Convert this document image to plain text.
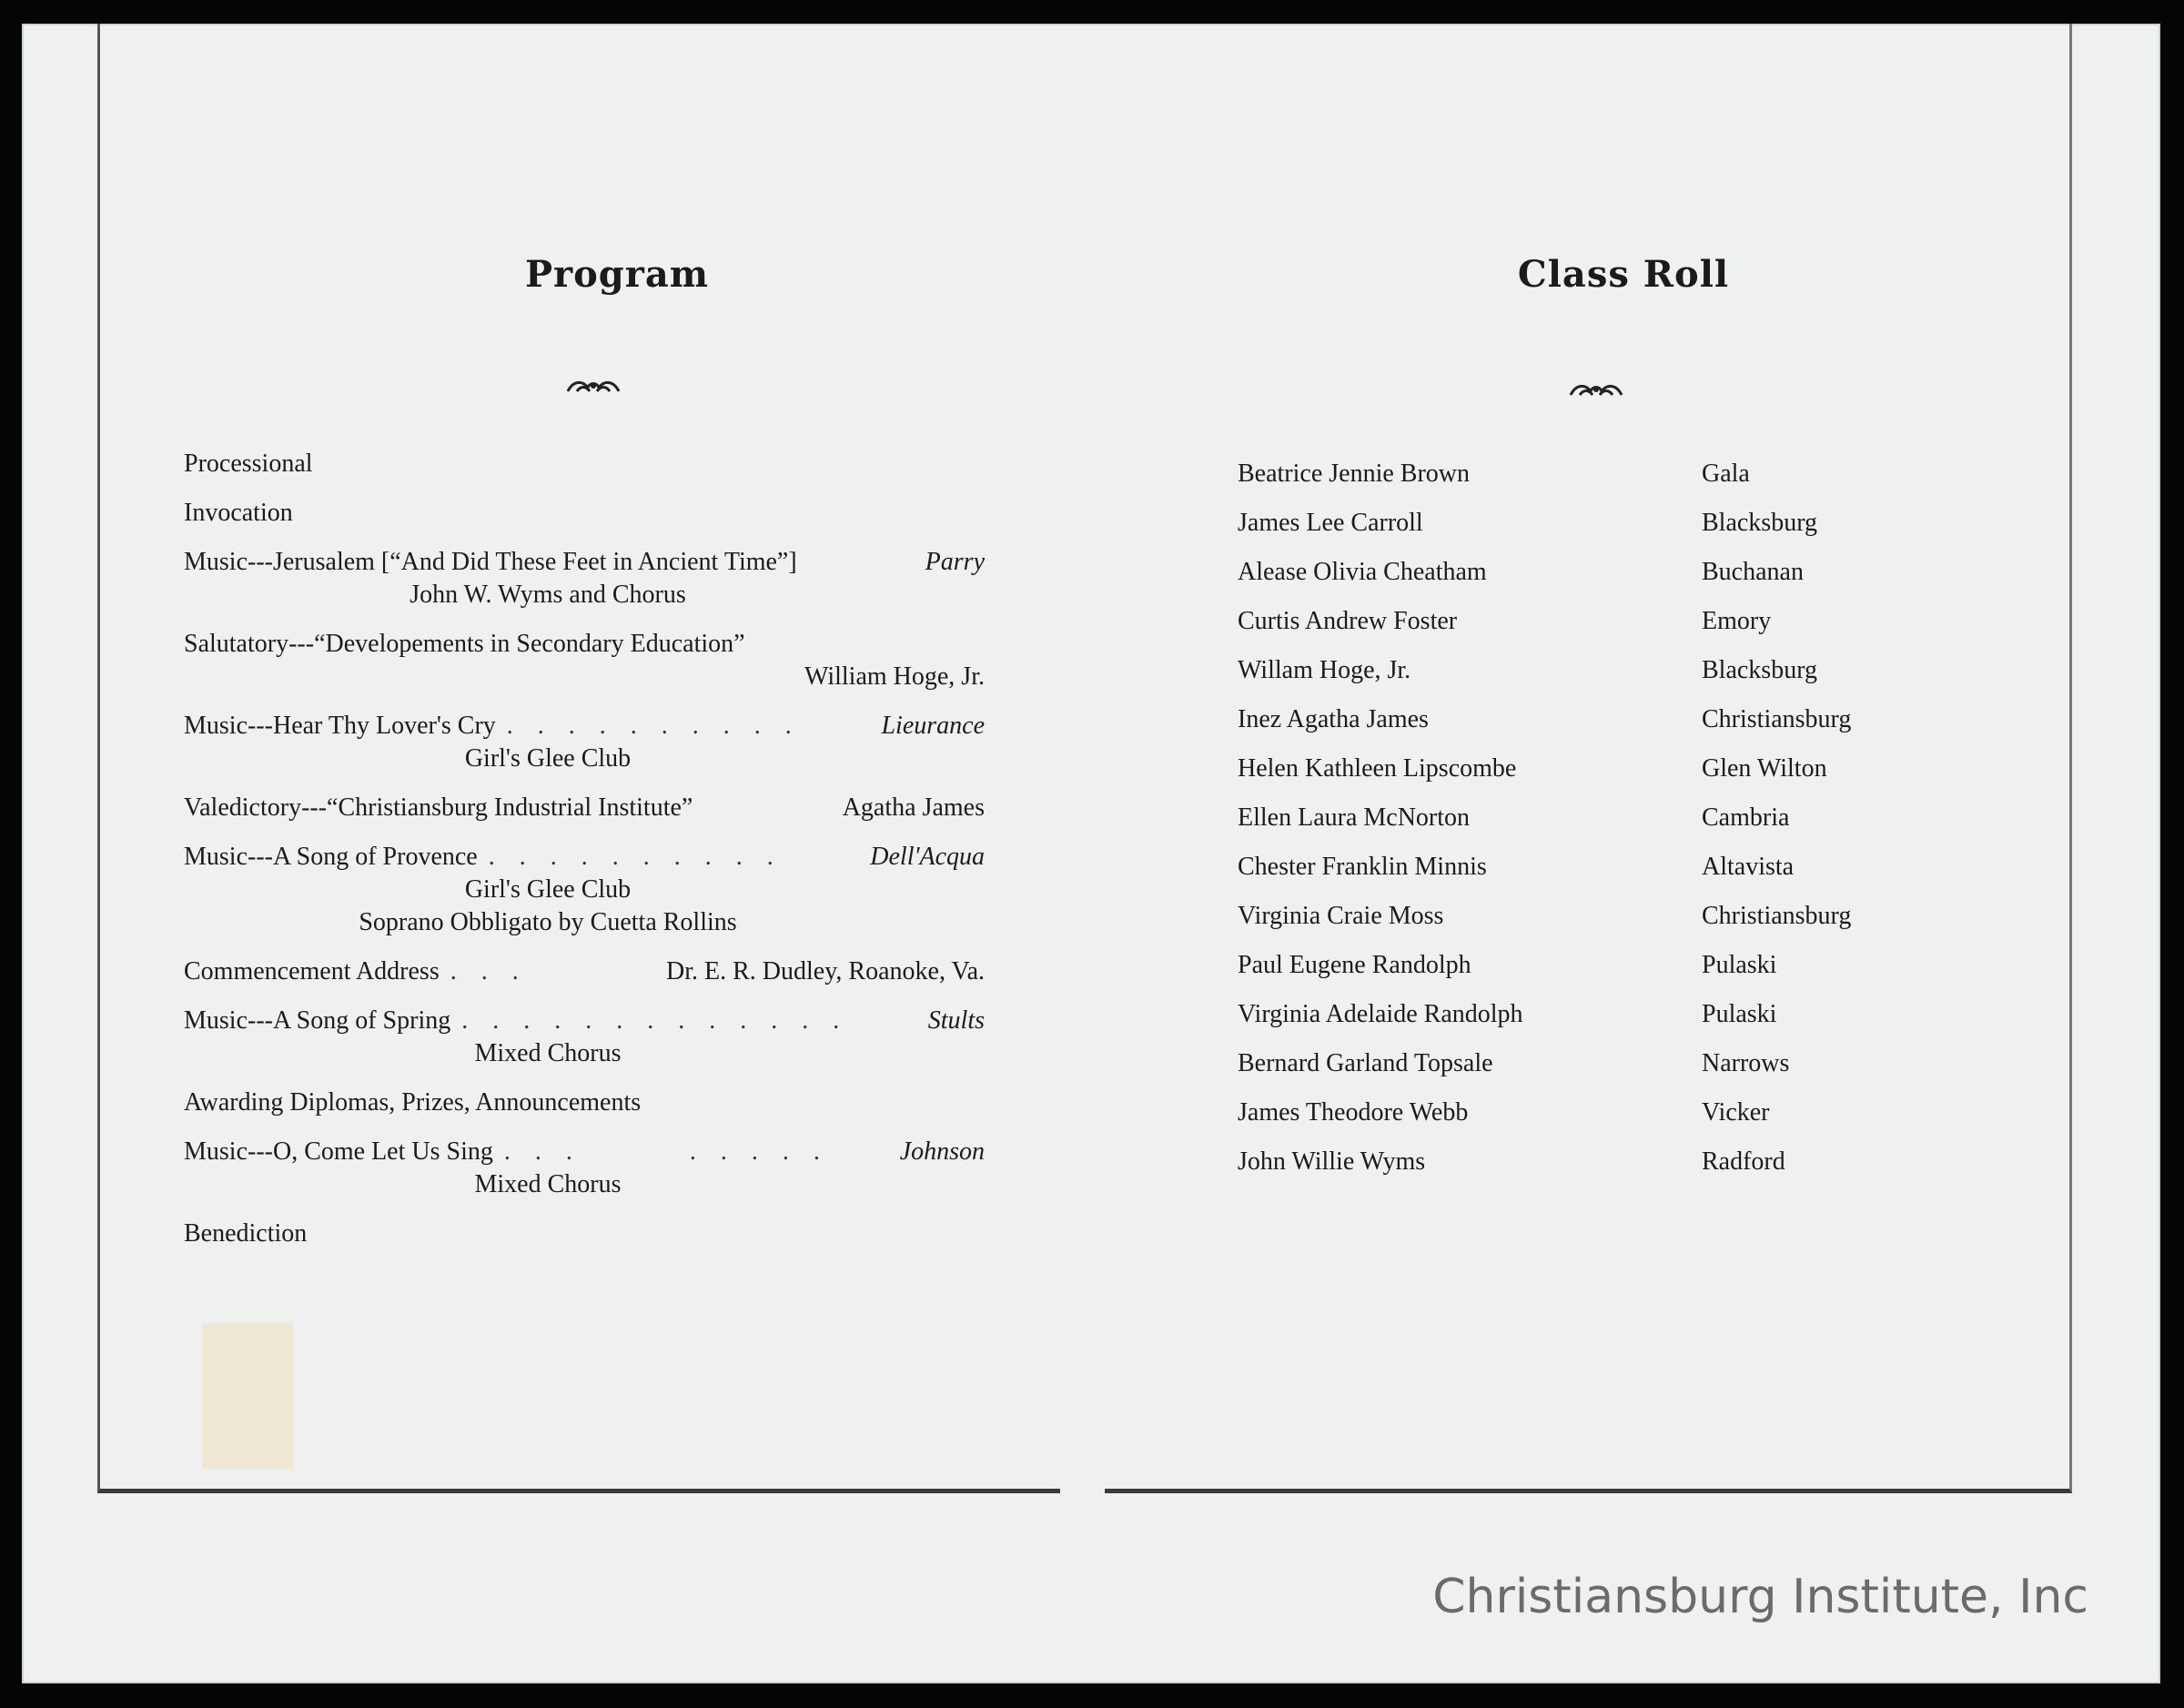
Program	Class Roll
Processional
Invocation
Music---Jerusalem [“And Did These Feet in Ancient Time”]	Parry
John W. Wyms and Chorus
Salutatory---“Developements in Secondary Education”
William Hoge, Jr.
Music---Hear Thy Lover's Cry . . . . . . . . . .	Lieurance
Girl's Glee Club
Valedictory---“Christiansburg Industrial Institute”	Agatha James
Music---A Song of Provence . . . . . . . . . .	Dell'Acqua
Girl's Glee Club
Soprano Obbligato by Cuetta Rollins
Commencement Address . . .	Dr. E. R. Dudley, Roanoke, Va.
Music---A Song of Spring . . . . . . . . . . . . .	Stults
Mixed Chorus
Awarding Diplomas, Prizes, Announcements
Music---O, Come Let Us Sing . . .       . . . . .	Johnson
Mixed Chorus
Benediction
Beatrice Jennie Brown	Gala
James Lee Carroll	Blacksburg
Alease Olivia Cheatham	Buchanan
Curtis Andrew Foster	Emory
Willam Hoge, Jr.	Blacksburg
Inez Agatha James	Christiansburg
Helen Kathleen Lipscombe	Glen Wilton
Ellen Laura McNorton	Cambria
Chester Franklin Minnis	Altavista
Virginia Craie Moss	Christiansburg
Paul Eugene Randolph	Pulaski
Virginia Adelaide Randolph	Pulaski
Bernard Garland Topsale	Narrows
James Theodore Webb	Vicker
John Willie Wyms	Radford
Christiansburg Institute, Inc
